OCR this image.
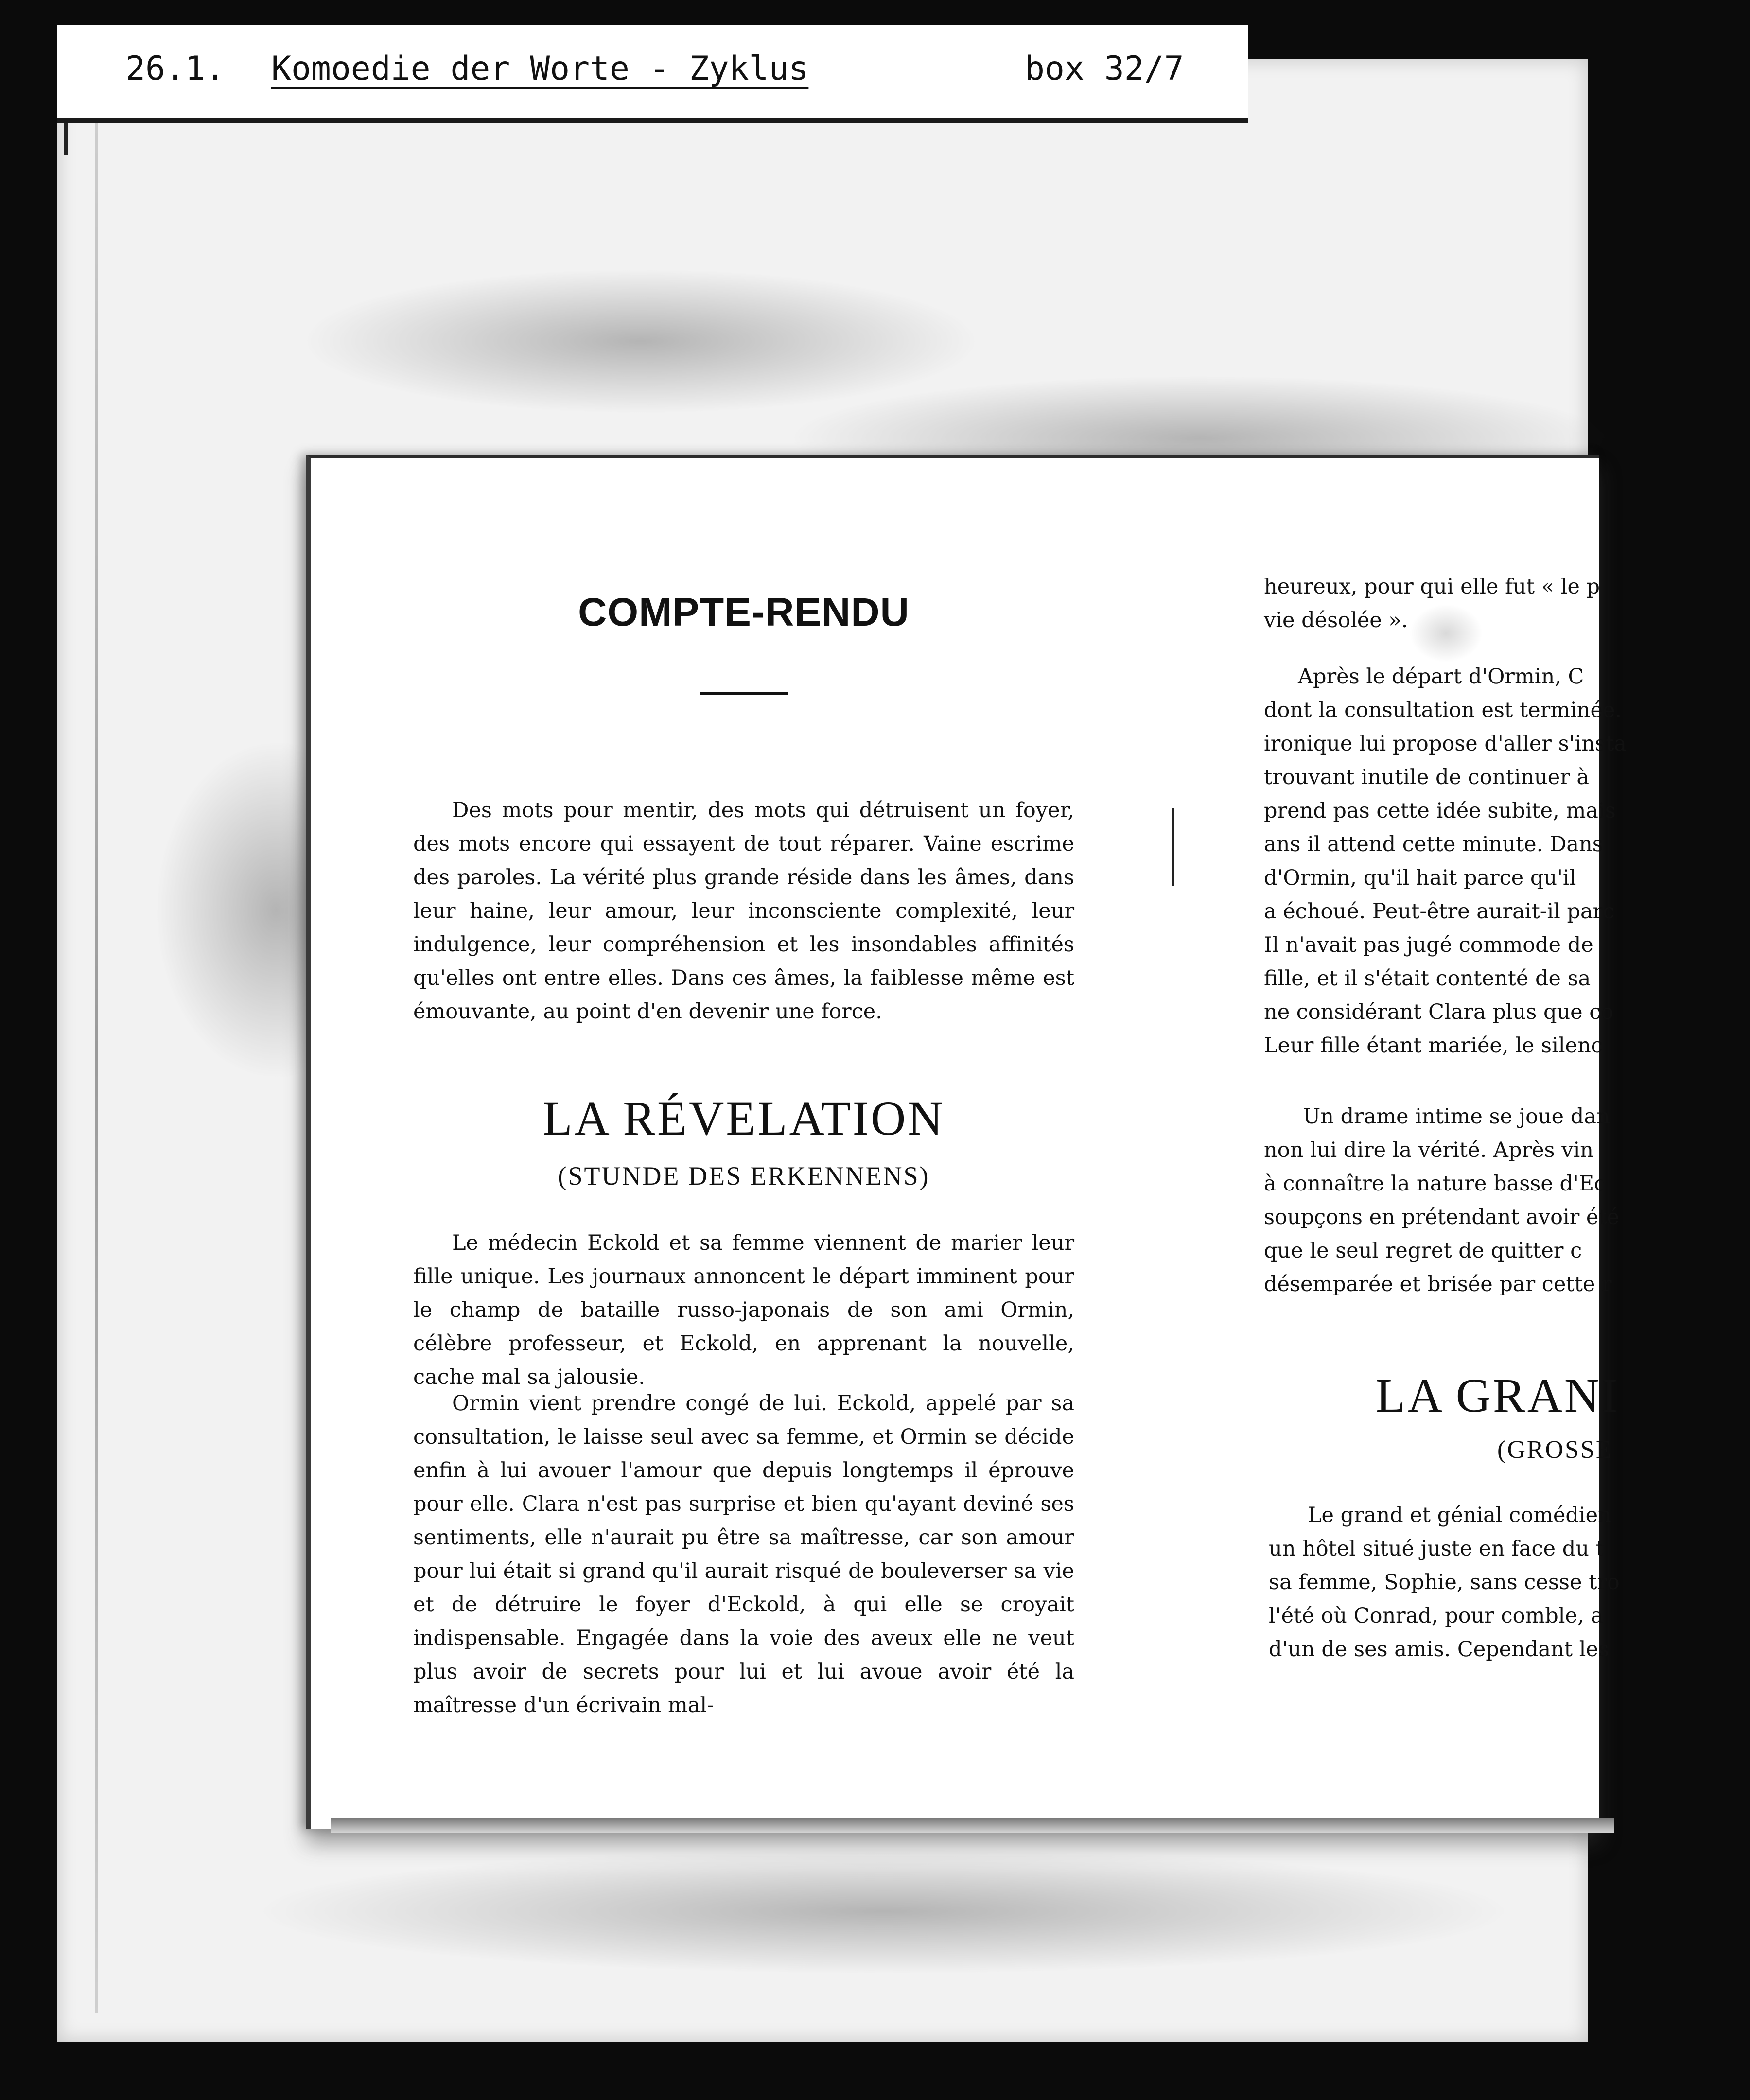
26.1. Komoedie der Worte - Zyklus	box 32/7
COMPTE-RENDU

Des mots pour mentir, des mots qui détruisent un foyer, des mots encore qui essayent de tout réparer. Vaine escrime des paroles. La vérité plus grande réside dans les âmes, dans leur haine, leur amour, leur inconsciente complexité, leur indulgence, leur compréhension et les insondables affinités qu'elles ont entre elles. Dans ces âmes, la faiblesse même est émouvante, au point d'en devenir une force.

LA RÉVELATION
(STUNDE DES ERKENNENS)

Le médecin Eckold et sa femme viennent de marier leur fille unique. Les journaux annoncent le départ imminent pour le champ de bataille russo-japonais de son ami Ormin, célèbre professeur, et Eckold, en apprenant la nouvelle, cache mal sa jalousie.

Ormin vient prendre congé de lui. Eckold, appelé par sa consultation, le laisse seul avec sa femme, et Ormin se décide enfin à lui avouer l'amour que depuis longtemps il éprouve pour elle. Clara n'est pas surprise et bien qu'ayant deviné ses sentiments, elle n'aurait pu être sa maîtresse, car son amour pour lui était si grand qu'il aurait risqué de bouleverser sa vie et de détruire le foyer d'Eckold, à qui elle se croyait indispensable. Engagée dans la voie des aveux elle ne veut plus avoir de secrets pour lui et lui avoue avoir été la maîtresse d'un écrivain mal-

heureux, pour qui elle fut « le p

vie désolée ».

Après le départ d'Ormin, C

dont la consultation est terminée.

ironique lui propose d'aller s'insta

trouvant inutile de continuer à

prend pas cette idée subite, mais

ans il attend cette minute. Dans

d'Ormin, qu'il hait parce qu'il

a échoué. Peut-être aurait-il parc

Il n'avait pas jugé commode de

fille, et il s'était contenté de sa

ne considérant Clara plus que co

Leur fille étant mariée, le silenc

Un drame intime se joue dan

non lui dire la vérité. Après vin

à connaître la nature basse d'Ec

soupçons en prétendant avoir été

que le seul regret de quitter c

désemparée et brisée par cette r

LA GRANI
(GROSSE

Le grand et génial comédien

un hôtel situé juste en face du t

sa femme, Sophie, sans cesse tro

l'été où Conrad, pour comble, a

d'un de ses amis. Cependant les
